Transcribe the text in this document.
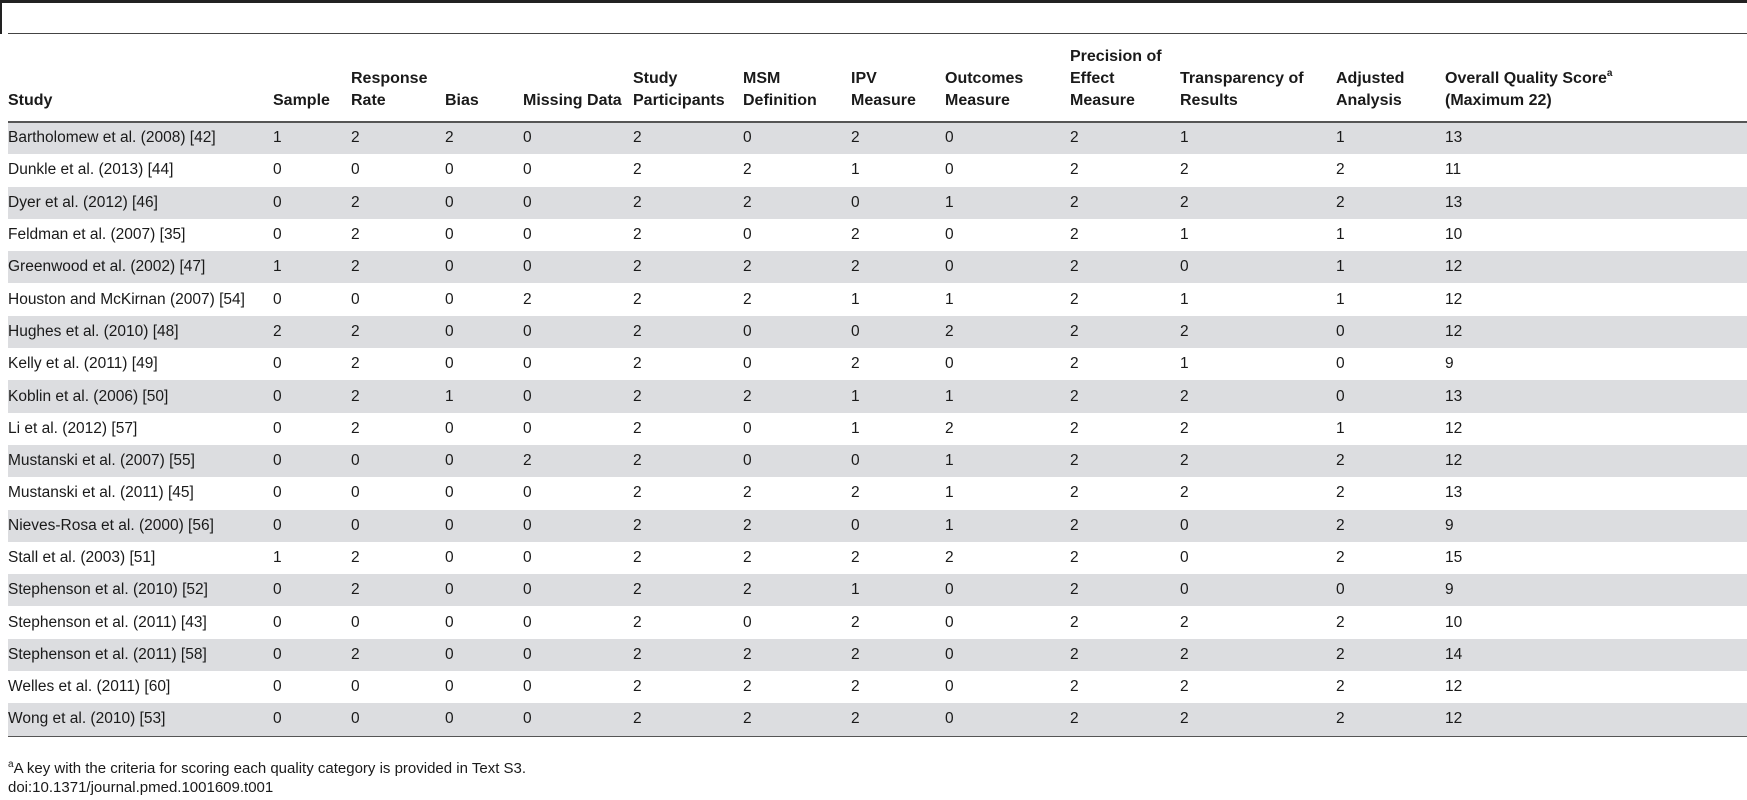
Study	Sample	Response Rate	Bias	Missing Data	Study Participants	MSM Definition	IPV Measure	Outcomes Measure	Precision of Effect Measure	Transparency of Results	Adjusted Analysis	Overall Quality Score$^a$
(Maximum 22)
Bartholomew et al. (2008) [42]	1	2	2	0	2	0	2	0	2	1	1	13
Dunkle et al. (2013) [44]	0	0	0	0	2	2	1	0	2	2	2	11
Dyer et al. (2012) [46]	0	2	0	0	2	2	0	1	2	2	2	13
Feldman et al. (2007) [35]	0	2	0	0	2	0	2	0	2	1	1	10
Greenwood et al. (2002) [47]	1	2	0	0	2	2	2	0	2	0	1	12
Houston and McKirnan (2007) [54]	0	0	0	2	2	2	1	1	2	1	1	12
Hughes et al. (2010) [48]	2	2	0	0	2	0	0	2	2	2	0	12
Kelly et al. (2011) [49]	0	2	0	0	2	0	2	0	2	1	0	9
Koblin et al. (2006) [50]	0	2	1	0	2	2	1	1	2	2	0	13
Li et al. (2012) [57]	0	2	0	0	2	0	1	2	2	2	1	12
Mustanski et al. (2007) [55]	0	0	0	2	2	0	0	1	2	2	2	12
Mustanski et al. (2011) [45]	0	0	0	0	2	2	2	1	2	2	2	13
Nieves-Rosa et al. (2000) [56]	0	0	0	0	2	2	0	1	2	0	2	9
Stall et al. (2003) [51]	1	2	0	0	2	2	2	2	2	0	2	15
Stephenson et al. (2010) [52]	0	2	0	0	2	2	1	0	2	0	0	9
Stephenson et al. (2011) [43]	0	0	0	0	2	0	2	0	2	2	2	10
Stephenson et al. (2011) [58]	0	2	0	0	2	2	2	0	2	2	2	14
Welles et al. (2011) [60]	0	0	0	0	2	2	2	0	2	2	2	12
Wong et al. (2010) [53]	0	0	0	0	2	2	2	0	2	2	2	12
$^a$A key with the criteria for scoring each quality category is provided in Text S3.
doi:10.1371/journal.pmed.1001609.t001
